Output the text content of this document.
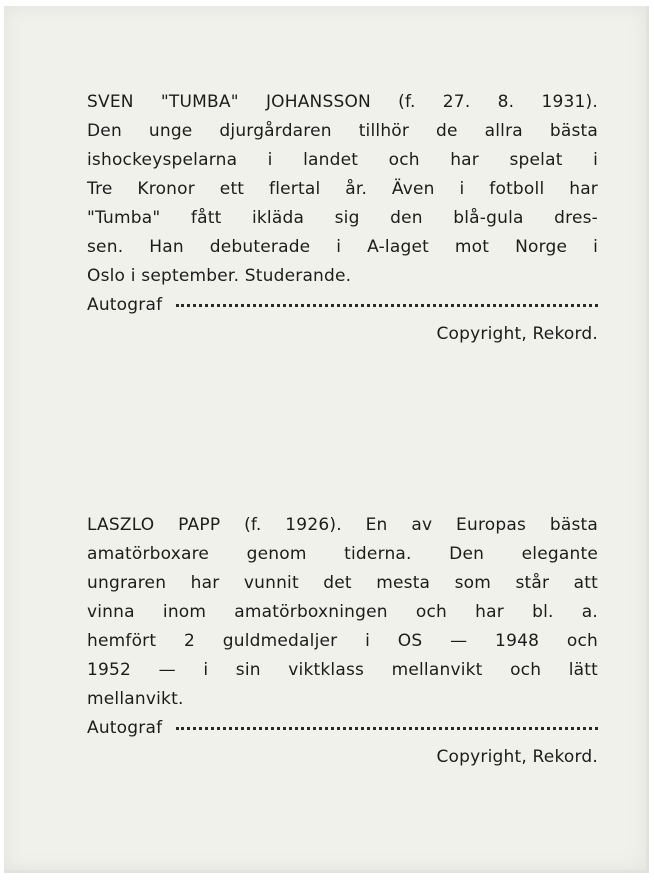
SVEN "TUMBA" JOHANSSON (f. 27. 8. 1931).
Den unge djurgårdaren tillhör de allra bästa
ishockeyspelarna i landet och har spelat i
Tre Kronor ett flertal år. Även i fotboll har
"Tumba" fått ikläda sig den blå-gula dres-
sen. Han debuterade i A-laget mot Norge i
Oslo i september. Studerande.
Autograf
Copyright, Rekord.
LASZLO PAPP (f. 1926). En av Europas bästa
amatörboxare genom tiderna. Den elegante
ungraren har vunnit det mesta som står att
vinna inom amatörboxningen och har bl. a.
hemfört 2 guldmedaljer i OS — 1948 och
1952 — i sin viktklass mellanvikt och lätt
mellanvikt.
Autograf
Copyright, Rekord.
